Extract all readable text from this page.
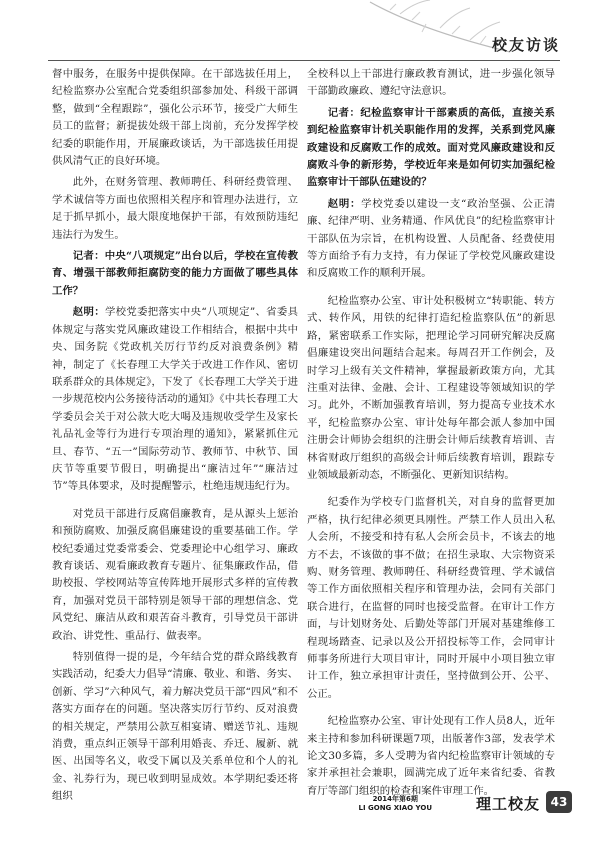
校友访谈

督中服务，在服务中提供保障。在干部选拔任用上，纪检监察办公室配合党委组织部参加处、科级干部调整，做到“全程跟踪”，强化公示环节，接受广大师生员工的监督；新提拔处级干部上岗前，充分发挥学校纪委的职能作用，开展廉政谈话，为干部选拔任用提供风清气正的良好环境。

此外，在财务管理、教师聘任、科研经费管理、学术诚信等方面也依照相关程序和管理办法进行，立足于抓早抓小，最大限度地保护干部，有效预防违纪违法行为发生。

记者：中央“八项规定”出台以后，学校在宣传教育、增强干部教师拒腐防变的能力方面做了哪些具体工作？

赵明：学校党委把落实中央“八项规定”、省委具体规定与落实党风廉政建设工作相结合，根据中共中央、国务院《党政机关厉行节约反对浪费条例》精神，制定了《长春理工大学关于改进工作作风、密切联系群众的具体规定》，下发了《长春理工大学关于进一步规范校内公务接待活动的通知》《中共长春理工大学委员会关于对公款大吃大喝及违规收受学生及家长礼品礼金等行为进行专项治理的通知》，紧紧抓住元旦、春节、“五一”国际劳动节、教师节、中秋节、国庆节等重要节假日，明确提出“廉洁过年”“廉洁过节”等具体要求，及时提醒警示，杜绝违规违纪行为。

对党员干部进行反腐倡廉教育，是从源头上惩治和预防腐败、加强反腐倡廉建设的重要基础工作。学校纪委通过党委常委会、党委理论中心组学习、廉政教育谈话、观看廉政教育专题片、征集廉政作品，借助校报、学校网站等宣传阵地开展形式多样的宣传教育，加强对党员干部特别是领导干部的理想信念、党风党纪、廉洁从政和艰苦奋斗教育，引导党员干部讲政治、讲党性、重品行、做表率。

特别值得一提的是，今年结合党的群众路线教育实践活动，纪委大力倡导“清廉、敬业、和谐、务实、创新、学习”六种风气，着力解决党员干部“四风”和不落实方面存在的问题。坚决落实厉行节约、反对浪费的相关规定，严禁用公款互相宴请、赠送节礼、违规消费，重点纠正领导干部利用婚丧、乔迁、履新、就医、出国等名义，收受下属以及关系单位和个人的礼金、礼券行为，现已收到明显成效。本学期纪委还将组织

全校科以上干部进行廉政教育测试，进一步强化领导干部勤政廉政、遵纪守法意识。

记者：纪检监察审计干部素质的高低，直接关系到纪检监察审计机关职能作用的发挥，关系到党风廉政建设和反腐败工作的成效。面对党风廉政建设和反腐败斗争的新形势，学校近年来是如何切实加强纪检监察审计干部队伍建设的？

赵明：学校党委以建设一支“政治坚强、公正清廉、纪律严明、业务精通、作风优良”的纪检监察审计干部队伍为宗旨，在机构设置、人员配备、经费使用等方面给予有力支持，有力保证了学校党风廉政建设和反腐败工作的顺利开展。

纪检监察办公室、审计处积极树立“转职能、转方式、转作风，用铁的纪律打造纪检监察队伍”的新思路，紧密联系工作实际，把理论学习同研究解决反腐倡廉建设突出问题结合起来。每周召开工作例会，及时学习上级有关文件精神，掌握最新政策方向，尤其注重对法律、金融、会计、工程建设等领域知识的学习。此外，不断加强教育培训，努力提高专业技术水平，纪检监察办公室、审计处每年都会派人参加中国注册会计师协会组织的注册会计师后续教育培训、吉林省财政厅组织的高级会计师后续教育培训，跟踪专业领域最新动态，不断强化、更新知识结构。

纪委作为学校专门监督机关，对自身的监督更加严格，执行纪律必须更具刚性。严禁工作人员出入私人会所，不接受和持有私人会所会员卡，不该去的地方不去，不该做的事不做；在招生录取、大宗物资采购、财务管理、教师聘任、科研经费管理、学术诚信等工作方面依照相关程序和管理办法，会同有关部门联合进行，在监督的同时也接受监督。在审计工作方面，与计划财务处、后勤处等部门开展对基建维修工程现场踏查、记录以及公开招投标等工作，会同审计师事务所进行大项目审计，同时开展中小项目独立审计工作，独立承担审计责任，坚持做到公开、公平、公正。

纪检监察办公室、审计处现有工作人员8人，近年来主持和参加科研课题7项，出版著作3部，发表学术论文30多篇，多人受聘为省内纪检监察审计领域的专家并承担社会兼职，圆满完成了近年来省纪委、省教育厅等部门组织的检查和案件审理工作。

2014年第6期
LI GONG XIAO YOU	理工校友 43
